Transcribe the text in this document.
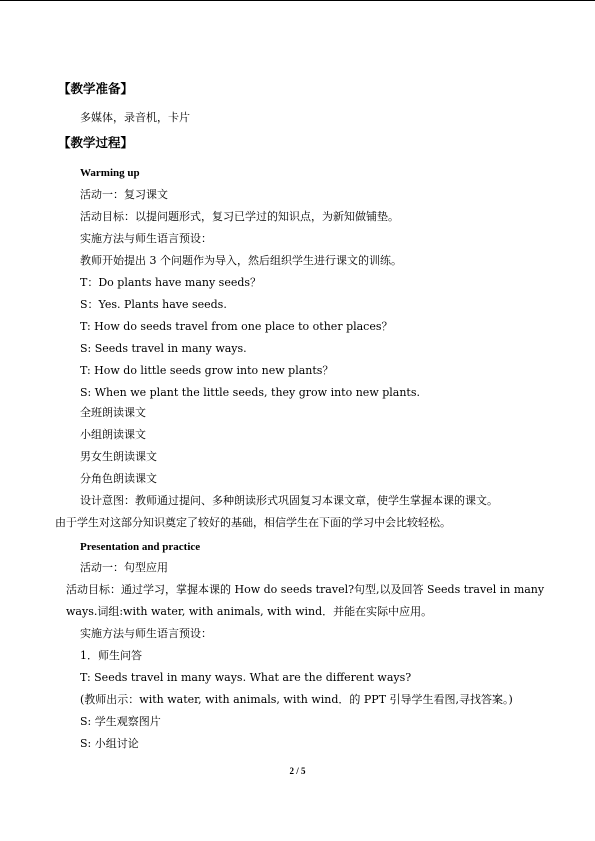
【教学准备】
多媒体，录音机，卡片
【教学过程】
Warming up
活动一：复习课文
活动目标：以提问题形式，复习已学过的知识点，为新知做铺垫。
实施方法与师生语言预设：
教师开始提出 3 个问题作为导入，然后组织学生进行课文的训练。
T：Do plants have many seeds？
S：Yes. Plants have seeds.
T: How do seeds travel from one place to other places？
S: Seeds travel in many ways.
T: How do little seeds grow into new plants？
S: When we plant the little seeds, they grow into new plants.
全班朗读课文
小组朗读课文
男女生朗读课文
分角色朗读课文
设计意图：教师通过提问、多种朗读形式巩固复习本课文章，使学生掌握本课的课文。
由于学生对这部分知识奠定了较好的基础，相信学生在下面的学习中会比较轻松。
Presentation and practice
活动一：句型应用
活动目标：通过学习，掌握本课的 How do seeds travel?句型,以及回答 Seeds travel in many
ways.词组:with water, with animals, with wind．并能在实际中应用。
实施方法与师生语言预设：
1．师生问答
T: Seeds travel in many ways. What are the different ways?
(教师出示：with water, with animals, with wind．的 PPT 引导学生看图,寻找答案。)
S: 学生观察图片
S: 小组讨论
2 / 5
